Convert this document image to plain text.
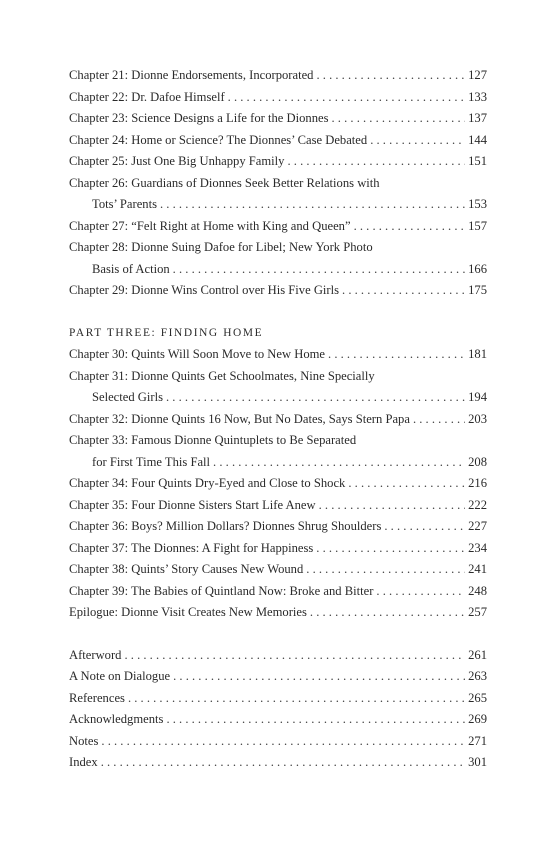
Chapter 21: Dionne Endorsements, Incorporated . . .	127
Chapter 22: Dr. Dafoe Himself . . .	133
Chapter 23: Science Designs a Life for the Dionnes . . .	137
Chapter 24: Home or Science? The Dionnes’ Case Debated . . .	144
Chapter 25: Just One Big Unhappy Family . . .	151
Chapter 26: Guardians of Dionnes Seek Better Relations with
Tots’ Parents . . .	153
Chapter 27: “Felt Right at Home with King and Queen” . . .	157
Chapter 28: Dionne Suing Dafoe for Libel; New York Photo
Basis of Action . . .	166
Chapter 29: Dionne Wins Control over His Five Girls . . .	175
PART THREE: FINDING HOME
Chapter 30: Quints Will Soon Move to New Home . . .	181
Chapter 31: Dionne Quints Get Schoolmates, Nine Specially
Selected Girls . . .	194
Chapter 32: Dionne Quints 16 Now, But No Dates, Says Stern Papa . . .	203
Chapter 33: Famous Dionne Quintuplets to Be Separated
for First Time This Fall . . .	208
Chapter 34: Four Quints Dry-Eyed and Close to Shock . . .	216
Chapter 35: Four Dionne Sisters Start Life Anew . . .	222
Chapter 36: Boys? Million Dollars? Dionnes Shrug Shoulders . . .	227
Chapter 37: The Dionnes: A Fight for Happiness . . .	234
Chapter 38: Quints’ Story Causes New Wound . . .	241
Chapter 39: The Babies of Quintland Now: Broke and Bitter . . .	248
Epilogue: Dionne Visit Creates New Memories . . .	257
Afterword . . .	261
A Note on Dialogue . . .	263
References . . .	265
Acknowledgments . . .	269
Notes . . .	271
Index . . .	301
